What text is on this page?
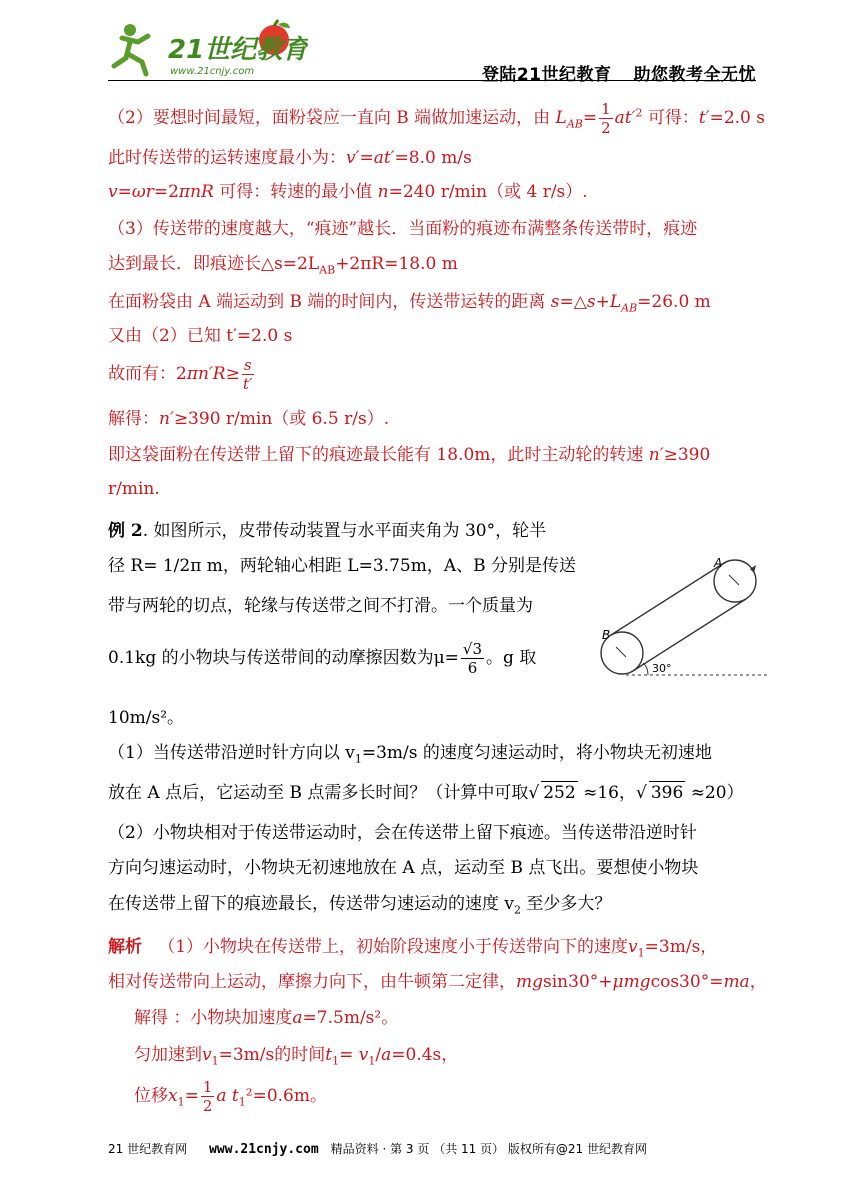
21世纪教育
www.21cnjy.com	登陆21世纪教育 助您教考全无忧
（2）要想时间最短，面粉袋应一直向 B 端做加速运动，由 $L_{AB}= \frac{1}{2} at'^2$ 可得：t′=2.0 s
此时传送带的运转速度最小为：v′=at′=8.0 m/s
v=ωr=2πnR 可得：转速的最小值 n=240 r/min（或 4 r/s）.
（3）传送带的速度越大，“痕迹”越长．当面粉的痕迹布满整条传送带时，痕迹
达到最长．即痕迹长$\triangle s=2L_{AB}+2\pi R=18.0$ m
在面粉袋由 A 端运动到 B 端的时间内，传送带运转的距离 $s=\triangle s+L_{AB}=26.0$ m
又由（2）已知 t′=2.0 s
故而有：$2\pi n'R\ge \frac{s}{t'}$
解得：n′≥390 r/min（或 6.5 r/s）.
即这袋面粉在传送带上留下的痕迹最长能有 18.0m，此时主动轮的转速 n′≥390
r/min.
例 2. 如图所示，皮带传动装置与水平面夹角为 30°，轮半
径 R= 1/2π m，两轮轴心相距 L=3.75m，A、B 分别是传送
带与两轮的切点，轮缘与传送带之间不打滑。一个质量为
0.1kg 的小物块与传送带间的动摩擦因数为$\mu= \frac{√3}{6}$ 。g 取
10m/s²。
B
A
30°
（1）当传送带沿逆时针方向以 $v_1=3m/s$ 的速度匀速运动时，将小物块无初速地
放在 A 点后，它运动至 B 点需多长时间？（计算中可取√ 252 ≈16，√ 396 ≈20）
（2）小物块相对于传送带运动时，会在传送带上留下痕迹。当传送带沿逆时针
方向匀速运动时，小物块无初速地放在 A 点，运动至 B 点飞出。要想使小物块
在传送带上留下的痕迹最长，传送带匀速运动的速度 $v_2$ 至少多大？
解析 （1）小物块在传送带上，初始阶段速度小于传送带向下的速度$v_1=3m/s$，
相对传送带向上运动，摩擦力向下，由牛顿第二定律，mgsin30°+μmgcos30°=ma，
解得 ：小物块加速度a=7.5m/s²。
匀加速到$v_1=3m/s$的时间$t_1= v_1/a=0.4s$，
位移$x_1= \frac{1}{2}$ a $t_1^2=0.6m$。
21 世纪教育网 www.21cnjy.com 精品资料 · 第 3 页 （共 11 页） 版权所有@21 世纪教育网
